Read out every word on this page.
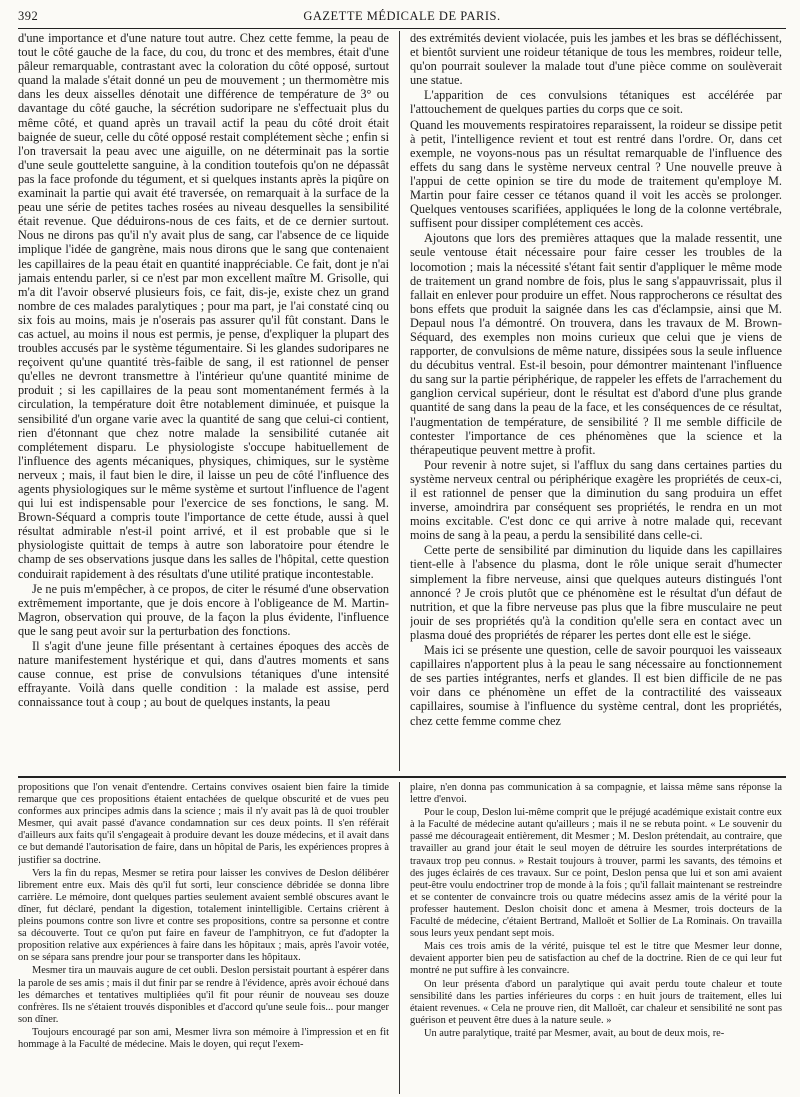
392	GAZETTE MÉDICALE DE PARIS.

d'une importance et d'une nature tout autre. Chez cette femme, la peau de tout le côté gauche de la face, du cou, du tronc et des membres, était d'une pâleur remarquable, contrastant avec la coloration du côté opposé, surtout quand la malade s'était donné un peu de mouvement ; un thermomètre mis dans les deux aisselles dénotait une différence de température de 3° ou davantage du côté gauche, la sécrétion sudoripare ne s'effectuait plus du même côté, et quand après un travail actif la peau du côté droit était baignée de sueur, celle du côté opposé restait complétement sèche ; enfin si l'on traversait la peau avec une aiguille, on ne déterminait pas la sortie d'une seule gouttelette sanguine, à la condition toutefois qu'on ne dépassât pas la face profonde du tégument, et si quelques instants après la piqûre on examinait la partie qui avait été traversée, on remarquait à la surface de la peau une série de petites taches rosées au niveau desquelles la sensibilité était revenue. Que déduirons-nous de ces faits, et de ce dernier surtout. Nous ne dirons pas qu'il n'y avait plus de sang, car l'absence de ce liquide implique l'idée de gangrène, mais nous dirons que le sang que contenaient les capillaires de la peau était en quantité inappréciable. Ce fait, dont je n'ai jamais entendu parler, si ce n'est par mon excellent maître M. Grisolle, qui m'a dit l'avoir observé plusieurs fois, ce fait, dis-je, existe chez un grand nombre de ces malades paralytiques ; pour ma part, je l'ai constaté cinq ou six fois au moins, mais je n'oserais pas assurer qu'il fût constant. Dans le cas actuel, au moins il nous est permis, je pense, d'expliquer la plupart des troubles accusés par le système tégumentaire. Si les glandes sudoripares ne reçoivent qu'une quantité très-faible de sang, il est rationnel de penser qu'elles ne devront transmettre à l'intérieur qu'une quantité minime de produit ; si les capillaires de la peau sont momentanément fermés à la circulation, la température doit être notablement diminuée, et puisque la sensibilité d'un organe varie avec la quantité de sang que celui-ci contient, rien d'étonnant que chez notre malade la sensibilité cutanée ait complétement disparu. Le physiologiste s'occupe habituellement de l'influence des agents mécaniques, physiques, chimiques, sur le système nerveux ; mais, il faut bien le dire, il laisse un peu de côté l'influence des agents physiologiques sur le même système et surtout l'influence de l'agent qui lui est indispensable pour l'exercice de ses fonctions, le sang. M. Brown-Séquard a compris toute l'importance de cette étude, aussi à quel résultat admirable n'est-il point arrivé, et il est probable que si le physiologiste quittait de temps à autre son laboratoire pour étendre le champ de ses observations jusque dans les salles de l'hôpital, cette question conduirait rapidement à des résultats d'une utilité pratique incontestable.

Je ne puis m'empêcher, à ce propos, de citer le résumé d'une observation extrêmement importante, que je dois encore à l'obligeance de M. Martin-Magron, observation qui prouve, de la façon la plus évidente, l'influence que le sang peut avoir sur la perturbation des fonctions.

Il s'agit d'une jeune fille présentant à certaines époques des accès de nature manifestement hystérique et qui, dans d'autres moments et sans cause connue, est prise de convulsions tétaniques d'une intensité effrayante. Voilà dans quelle condition : la malade est assise, perd connaissance tout à coup ; au bout de quelques instants, la peau

des extrémités devient violacée, puis les jambes et les bras se défléchissent, et bientôt survient une roideur tétanique de tous les membres, roideur telle, qu'on pourrait soulever la malade tout d'une pièce comme on soulèverait une statue.

L'apparition de ces convulsions tétaniques est accélérée par l'attouchement de quelques parties du corps que ce soit.

Quand les mouvements respiratoires reparaissent, la roideur se dissipe petit à petit, l'intelligence revient et tout est rentré dans l'ordre. Or, dans cet exemple, ne voyons-nous pas un résultat remarquable de l'influence des effets du sang dans le système nerveux central ? Une nouvelle preuve à l'appui de cette opinion se tire du mode de traitement qu'employe M. Martin pour faire cesser ce tétanos quand il voit les accès se prolonger. Quelques ventouses scarifiées, appliquées le long de la colonne vertébrale, suffisent pour dissiper complétement ces accès.

Ajoutons que lors des premières attaques que la malade ressentit, une seule ventouse était nécessaire pour faire cesser les troubles de la locomotion ; mais la nécessité s'étant fait sentir d'appliquer le même mode de traitement un grand nombre de fois, plus le sang s'appauvrissait, plus il fallait en enlever pour produire un effet. Nous rapprocherons ce résultat des bons effets que produit la saignée dans les cas d'éclampsie, ainsi que M. Depaul nous l'a démontré. On trouvera, dans les travaux de M. Brown-Séquard, des exemples non moins curieux que celui que je viens de rapporter, de convulsions de même nature, dissipées sous la seule influence du décubitus ventral. Est-il besoin, pour démontrer maintenant l'influence du sang sur la partie périphérique, de rappeler les effets de l'arrachement du ganglion cervical supérieur, dont le résultat est d'abord d'une plus grande quantité de sang dans la peau de la face, et les conséquences de ce résultat, l'augmentation de température, de sensibilité ? Il me semble difficile de contester l'importance de ces phénomènes que la science et la thérapeutique peuvent mettre à profit.

Pour revenir à notre sujet, si l'afflux du sang dans certaines parties du système nerveux central ou périphérique exagère les propriétés de ceux-ci, il est rationnel de penser que la diminution du sang produira un effet inverse, amoindrira par conséquent ses propriétés, le rendra en un mot moins excitable. C'est donc ce qui arrive à notre malade qui, recevant moins de sang à la peau, a perdu la sensibilité dans celle-ci.

Cette perte de sensibilité par diminution du liquide dans les capillaires tient-elle à l'absence du plasma, dont le rôle unique serait d'humecter simplement la fibre nerveuse, ainsi que quelques auteurs distingués l'ont annoncé ? Je crois plutôt que ce phénomène est le résultat d'un défaut de nutrition, et que la fibre nerveuse pas plus que la fibre musculaire ne peut jouir de ses propriétés qu'à la condition qu'elle sera en contact avec un plasma doué des propriétés de réparer les pertes dont elle est le siége.

Mais ici se présente une question, celle de savoir pourquoi les vaisseaux capillaires n'apportent plus à la peau le sang nécessaire au fonctionnement de ses parties intégrantes, nerfs et glandes. Il est bien difficile de ne pas voir dans ce phénomène un effet de la contractilité des vaisseaux capillaires, soumise à l'influence du système central, dont les propriétés, chez cette femme comme chez

propositions que l'on venait d'entendre. Certains convives osaient bien faire la timide remarque que ces propositions étaient entachées de quelque obscurité et de vues peu conformes aux principes admis dans la science ; mais il n'y avait pas là de quoi troubler Mesmer, qui avait passé d'avance condamnation sur ces deux points. Il s'en référait d'ailleurs aux faits qu'il s'engageait à produire devant les douze médecins, et il avait dans ce but demandé l'autorisation de faire, dans un hôpital de Paris, les expériences propres à justifier sa doctrine.

Vers la fin du repas, Mesmer se retira pour laisser les convives de Deslon délibérer librement entre eux. Mais dès qu'il fut sorti, leur conscience débridée se donna libre carrière. Le mémoire, dont quelques parties seulement avaient semblé obscures avant le dîner, fut déclaré, pendant la digestion, totalement inintelligible. Certains crièrent à pleins poumons contre son livre et contre ses propositions, contre sa personne et contre sa découverte. Tout ce qu'on put faire en faveur de l'amphitryon, ce fut d'adopter la proposition relative aux expériences à faire dans les hôpitaux ; mais, après l'avoir votée, on se sépara sans prendre jour pour se transporter dans les hôpitaux.

Mesmer tira un mauvais augure de cet oubli. Deslon persistait pourtant à espérer dans la parole de ses amis ; mais il dut finir par se rendre à l'évidence, après avoir échoué dans les démarches et tentatives multipliées qu'il fit pour réunir de nouveau ses douze confrères. Ils ne s'étaient trouvés disponibles et d'accord qu'une seule fois... pour manger son dîner.

Toujours encouragé par son ami, Mesmer livra son mémoire à l'impression et en fit hommage à la Faculté de médecine. Mais le doyen, qui reçut l'exem-

plaire, n'en donna pas communication à sa compagnie, et laissa même sans réponse la lettre d'envoi.

Pour le coup, Deslon lui-même comprit que le préjugé académique existait contre eux à la Faculté de médecine autant qu'ailleurs ; mais il ne se rebuta point. « Le souvenir du passé me décourageait entièrement, dit Mesmer ; M. Deslon prétendait, au contraire, que travailler au grand jour était le seul moyen de détruire les sourdes interprétations de travaux trop peu connus. » Restait toujours à trouver, parmi les savants, des témoins et des juges éclairés de ces travaux. Sur ce point, Deslon pensa que lui et son ami avaient peut-être voulu endoctriner trop de monde à la fois ; qu'il fallait maintenant se restreindre et se contenter de convaincre trois ou quatre médecins assez amis de la vérité pour la professer hautement. Deslon choisit donc et amena à Mesmer, trois docteurs de la Faculté de médecine, c'étaient Bertrand, Malloët et Sollier de La Rominais. On travailla sous leurs yeux pendant sept mois.

Mais ces trois amis de la vérité, puisque tel est le titre que Mesmer leur donne, devaient apporter bien peu de satisfaction au chef de la doctrine. Rien de ce qui leur fut montré ne put suffire à les convaincre.

On leur présenta d'abord un paralytique qui avait perdu toute chaleur et toute sensibilité dans les parties inférieures du corps : en huit jours de traitement, elles lui étaient revenues. « Cela ne prouve rien, dit Malloët, car chaleur et sensibilité ne sont pas guérison et peuvent être dues à la nature seule. »

Un autre paralytique, traité par Mesmer, avait, au bout de deux mois, re-
